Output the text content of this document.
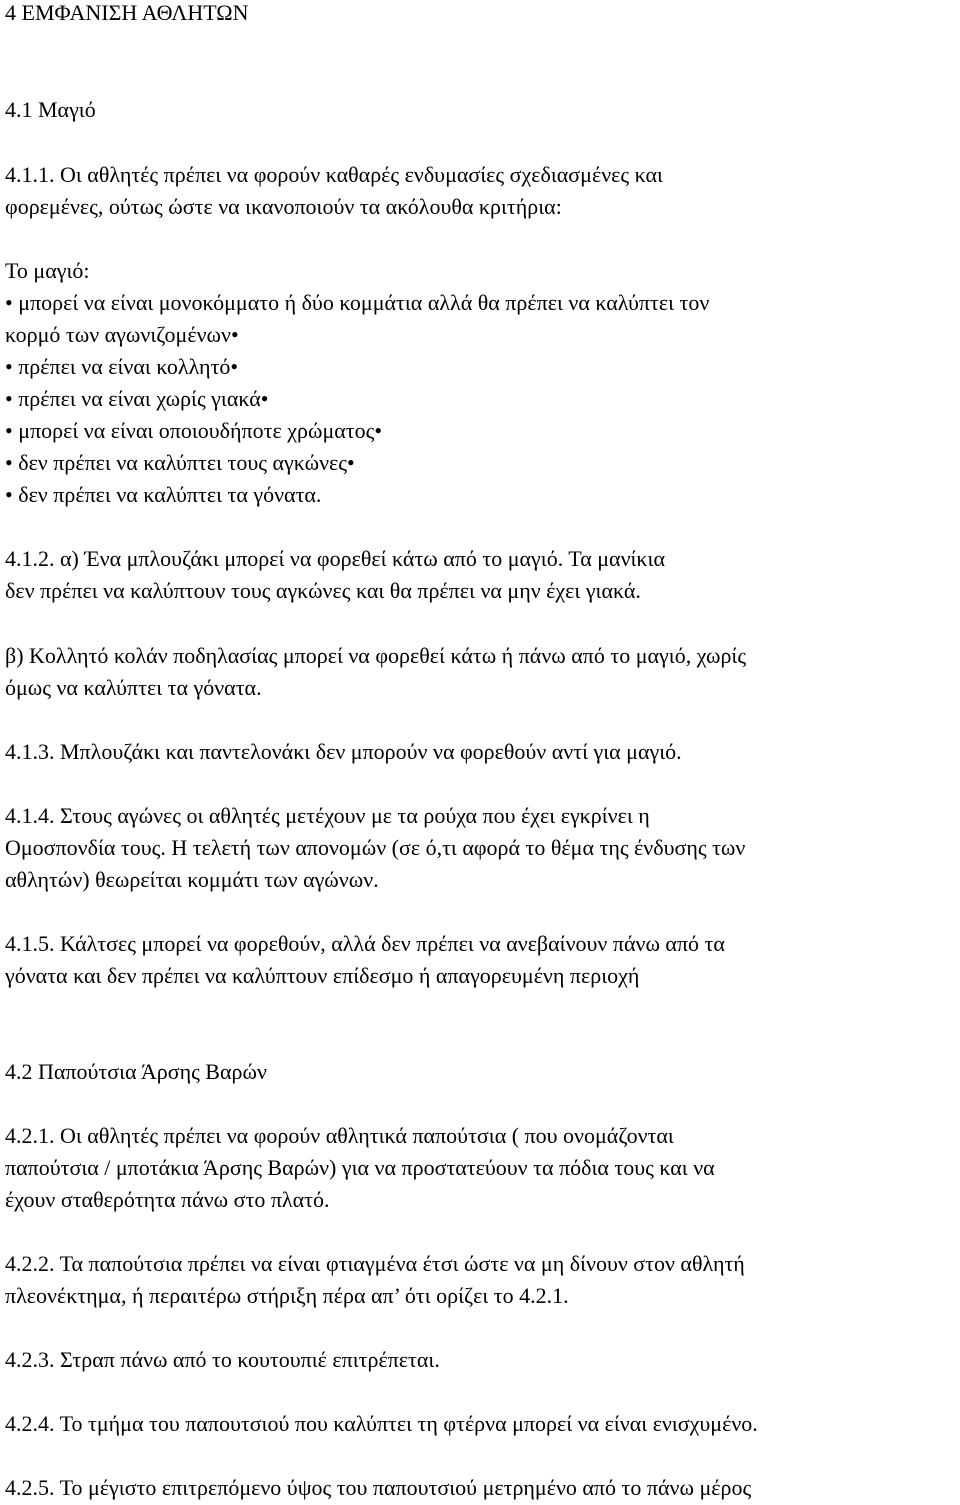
4 ΕΜΦΑΝΙΣΗ ΑΘΛΗΤΩΝ
4.1 Μαγιό
4.1.1. Οι αθλητές πρέπει να φορούν καθαρές ενδυμασίες σχεδιασμένες και
φορεμένες, ούτως ώστε να ικανοποιούν τα ακόλουθα κριτήρια:
Το μαγιό:
• μπορεί να είναι μονοκόμματο ή δύο κομμάτια αλλά θα πρέπει να καλύπτει τον
κορμό των αγωνιζομένων•
• πρέπει να είναι κολλητό•
• πρέπει να είναι χωρίς γιακά•
• μπορεί να είναι οποιουδήποτε χρώματος•
• δεν πρέπει να καλύπτει τους αγκώνες•
• δεν πρέπει να καλύπτει τα γόνατα.
4.1.2. α) Ένα μπλουζάκι μπορεί να φορεθεί κάτω από το μαγιό. Τα μανίκια
δεν πρέπει να καλύπτουν τους αγκώνες και θα πρέπει να μην έχει γιακά.
β) Κολλητό κολάν ποδηλασίας μπορεί να φορεθεί κάτω ή πάνω από το μαγιό, χωρίς
όμως να καλύπτει τα γόνατα.
4.1.3. Μπλουζάκι και παντελονάκι δεν μπορούν να φορεθούν αντί για μαγιό.
4.1.4. Στους αγώνες οι αθλητές μετέχουν με τα ρούχα που έχει εγκρίνει η
Ομοσπονδία τους. Η τελετή των απονομών (σε ό,τι αφορά το θέμα της ένδυσης των
αθλητών) θεωρείται κομμάτι των αγώνων.
4.1.5. Κάλτσες μπορεί να φορεθούν, αλλά δεν πρέπει να ανεβαίνουν πάνω από τα
γόνατα και δεν πρέπει να καλύπτουν επίδεσμο ή απαγορευμένη περιοχή
4.2 Παπούτσια Άρσης Βαρών
4.2.1. Οι αθλητές πρέπει να φορούν αθλητικά παπούτσια ( που ονομάζονται
παπούτσια / μποτάκια Άρσης Βαρών) για να προστατεύουν τα πόδια τους και να
έχουν σταθερότητα πάνω στο πλατό.
4.2.2. Τα παπούτσια πρέπει να είναι φτιαγμένα έτσι ώστε να μη δίνουν στον αθλητή
πλεονέκτημα, ή περαιτέρω στήριξη πέρα απ’ ότι ορίζει το 4.2.1.
4.2.3. Στραπ πάνω από το κουτουπιέ επιτρέπεται.
4.2.4. Το τμήμα του παπουτσιού που καλύπτει τη φτέρνα μπορεί να είναι ενισχυμένο.
4.2.5. Το μέγιστο επιτρεπόμενο ύψος του παπουτσιού μετρημένο από το πάνω μέρος
